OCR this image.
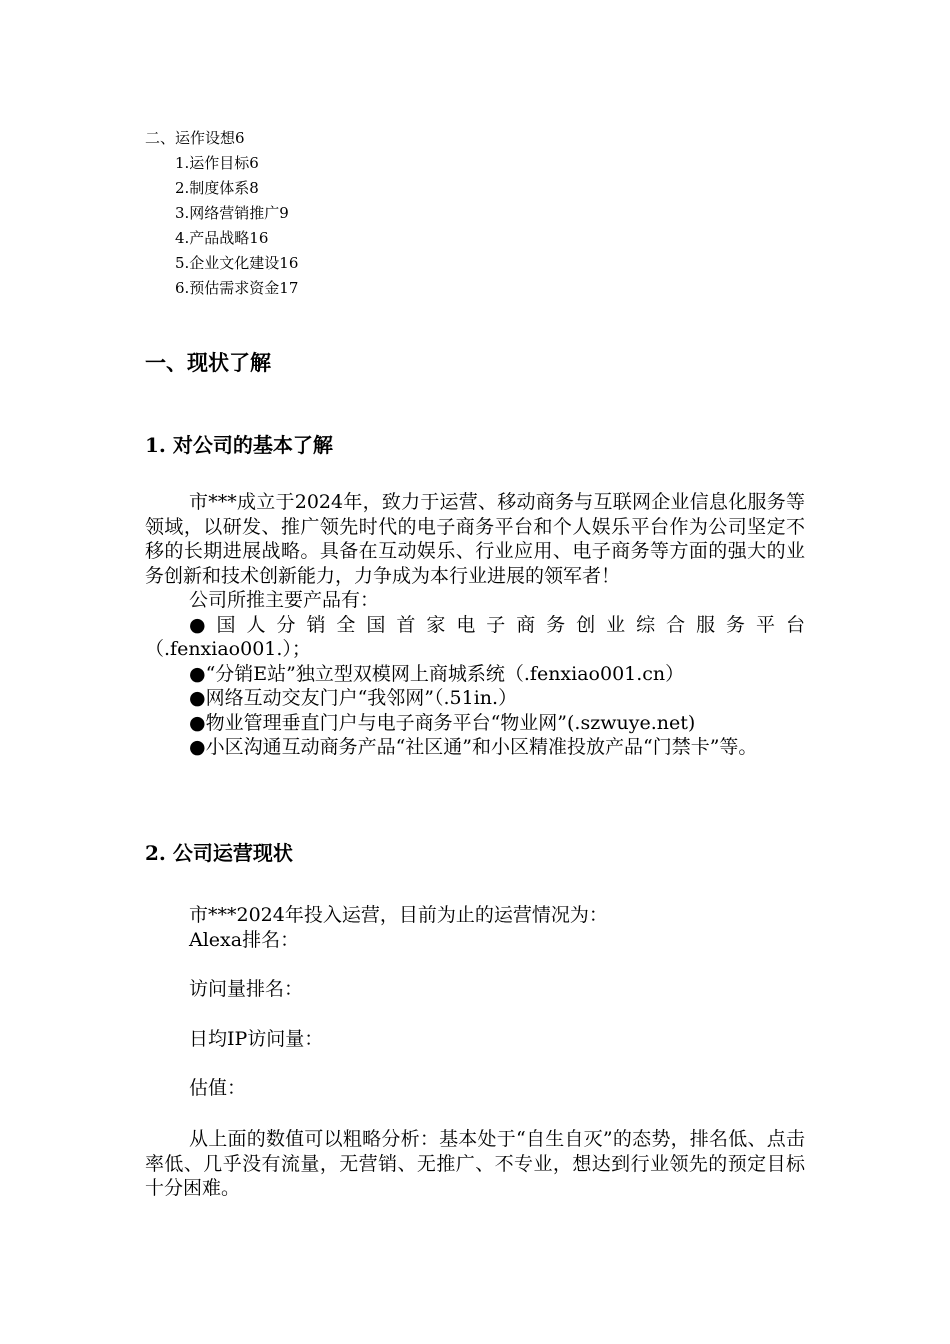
二、运作设想6
1.运作目标6
2.制度体系8
3.网络营销推广9
4.产品战略16
5.企业文化建设16
6.预估需求资金17
一、现状了解
1. 对公司的基本了解

市***成立于2024年，致力于运营、移动商务与互联网企业信息化服务等领域，以研发、推广领先时代的电子商务平台和个人娱乐平台作为公司坚定不移的长期进展战略。具备在互动娱乐、行业应用、电子商务等方面的强大的业务创新和技术创新能力，力争成为本行业进展的领军者！

公司所推主要产品有：

● 国 人 分 销 全 国 首 家 电 子 商 务 创 业 综 合 服 务 平 台

（.fenxiao001.）；

●“分销E站”独立型双模网上商城系统（.fenxiao001.cn）

●网络互动交友门户“我邻网”（.51in.）

●物业管理垂直门户与电子商务平台“物业网”(.szwuye.net)

●小区沟通互动商务产品“社区通”和小区精准投放产品“门禁卡”等。

2. 公司运营现状
市***2024年投入运营，目前为止的运营情况为：
Alexa排名：
访问量排名：
日均IP访问量：
估值：

从上面的数值可以粗略分析：基本处于“自生自灭”的态势，排名低、点击率低、几乎没有流量，无营销、无推广、不专业，想达到行业领先的预定目标十分困难。
